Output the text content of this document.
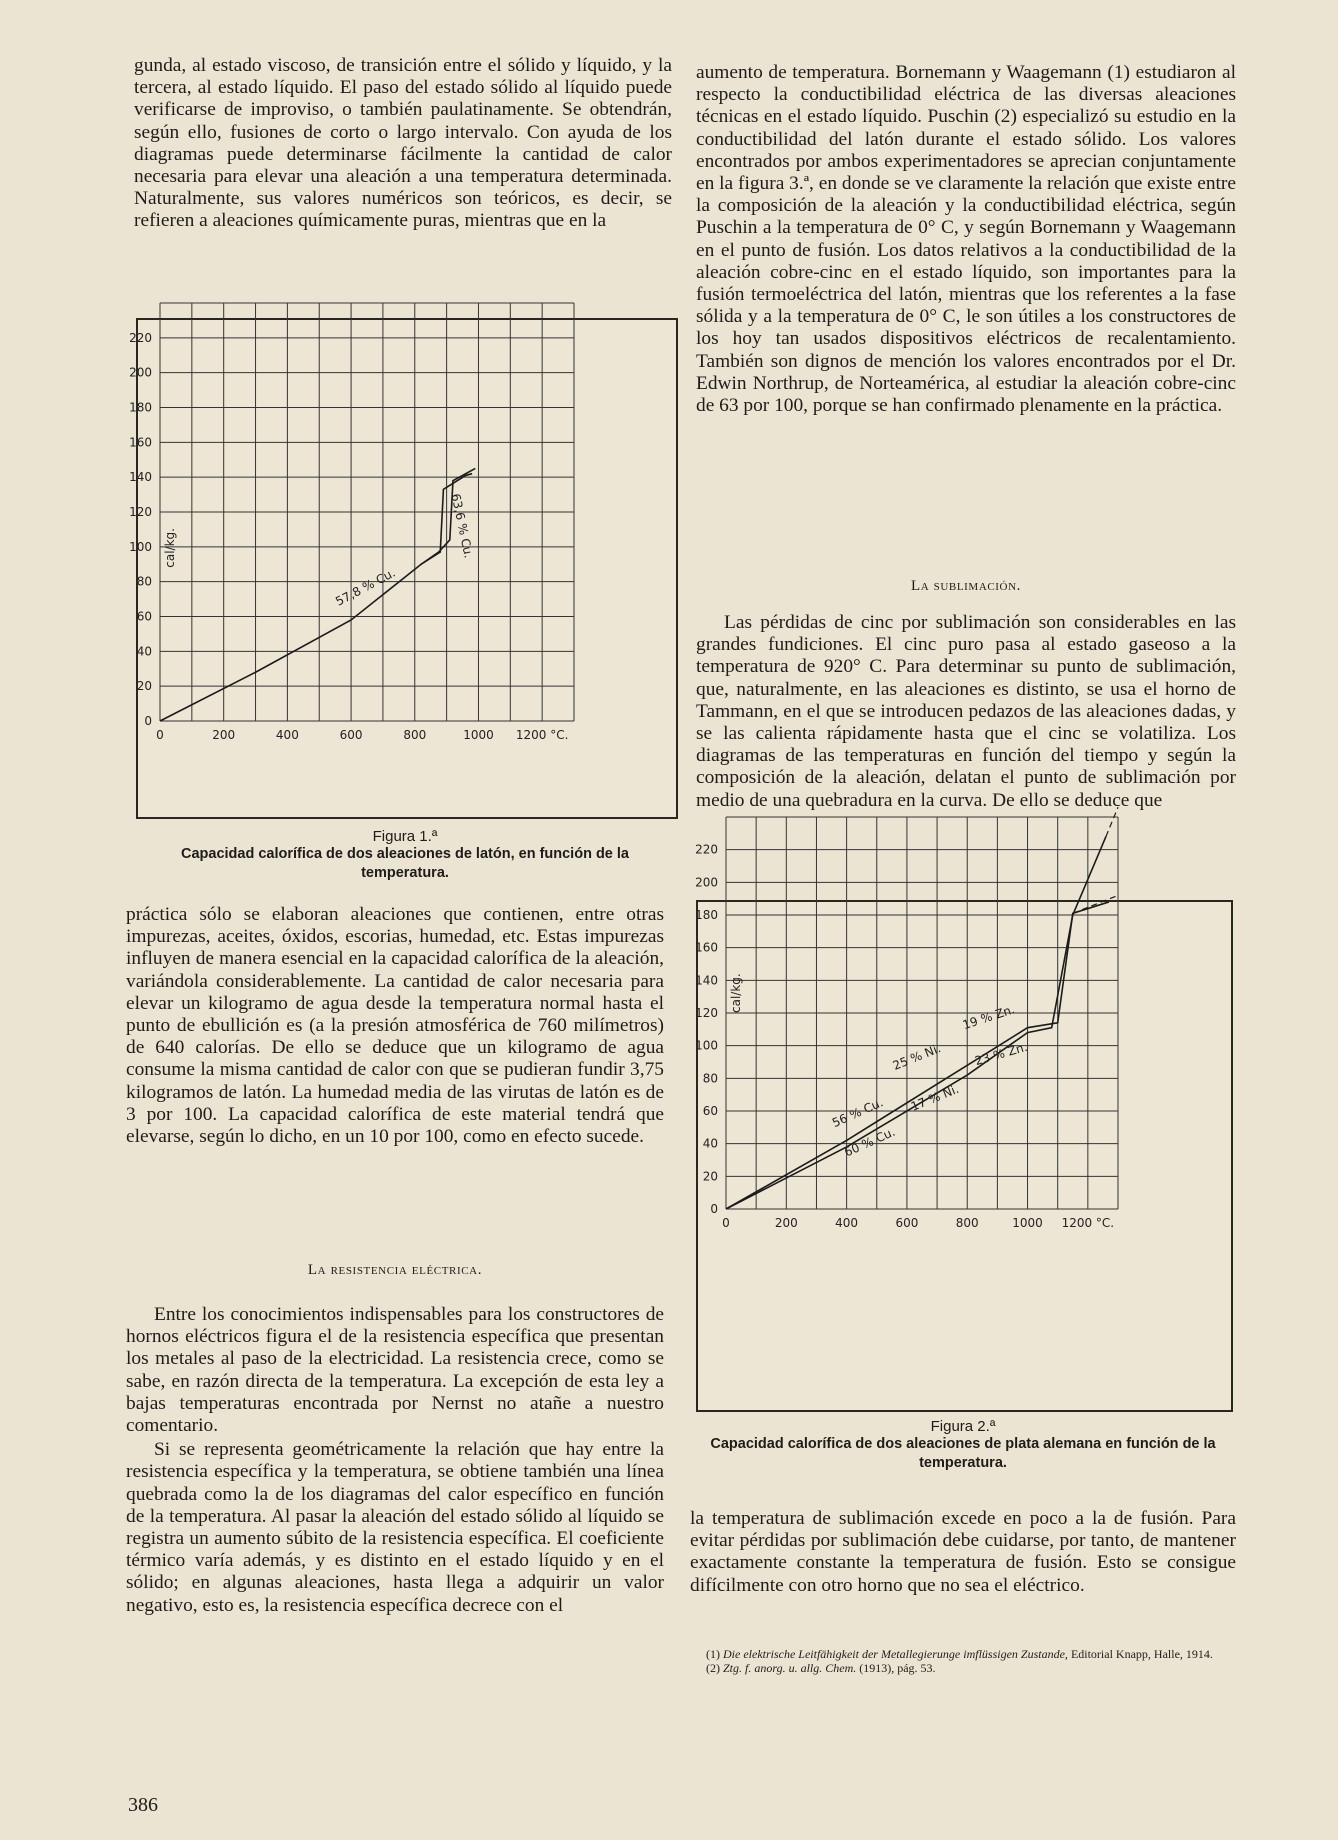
gunda, al estado viscoso, de transición entre el sólido y líquido, y la tercera, al estado líquido. El paso del estado sólido al líquido puede verificarse de improviso, o también paulatinamente. Se obtendrán, según ello, fusiones de corto o largo intervalo. Con ayuda de los diagramas puede determinarse fácilmente la cantidad de calor necesaria para elevar una aleación a una temperatura determinada. Naturalmente, sus valores numéricos son teóricos, es decir, se refieren a aleaciones químicamente puras, mientras que en la

0	200	400	600	800	1000 1200 °C.
0
20
40
60
80
100
120
140
160
180
200
220
cal/kg.
57,8 % Cu.
63,6 % Cu.
Figura 1.ª
Capacidad calorífica de dos aleaciones de latón, en función de la temperatura.

práctica sólo se elaboran aleaciones que contienen, entre otras impurezas, aceites, óxidos, escorias, humedad, etc. Estas impurezas influyen de manera esencial en la capacidad calorífica de la aleación, variándola considerablemente. La cantidad de calor necesaria para elevar un kilogramo de agua desde la temperatura normal hasta el punto de ebullición es (a la presión atmosférica de 760 milímetros) de 640 calorías. De ello se deduce que un kilogramo de agua consume la misma cantidad de calor con que se pudieran fundir 3,75 kilogramos de latón. La humedad media de las virutas de latón es de 3 por 100. La capacidad calorífica de este material tendrá que elevarse, según lo dicho, en un 10 por 100, como en efecto sucede.

La resistencia eléctrica.

Entre los conocimientos indispensables para los constructores de hornos eléctricos figura el de la resistencia específica que presentan los metales al paso de la electricidad. La resistencia crece, como se sabe, en razón directa de la temperatura. La excepción de esta ley a bajas temperaturas encontrada por Nernst no atañe a nuestro comentario.

Si se representa geométricamente la relación que hay entre la resistencia específica y la temperatura, se obtiene también una línea quebrada como la de los diagramas del calor específico en función de la temperatura. Al pasar la aleación del estado sólido al líquido se registra un aumento súbito de la resistencia específica. El coeficiente térmico varía además, y es distinto en el estado líquido y en el sólido; en algunas aleaciones, hasta llega a adquirir un valor negativo, esto es, la resistencia específica decrece con el

386

aumento de temperatura. Bornemann y Waagemann (1) estudiaron al respecto la conductibilidad eléctrica de las diversas aleaciones técnicas en el estado líquido. Puschin (2) especializó su estudio en la conductibilidad del latón durante el estado sólido. Los valores encontrados por ambos experimentadores se aprecian conjuntamente en la figura 3.ª, en donde se ve claramente la relación que existe entre la composición de la aleación y la conductibilidad eléctrica, según Puschin a la temperatura de 0° C, y según Bornemann y Waagemann en el punto de fusión. Los datos relativos a la conductibilidad de la aleación cobre-cinc en el estado líquido, son importantes para la fusión termoeléctrica del latón, mientras que los referentes a la fase sólida y a la temperatura de 0° C, le son útiles a los constructores de los hoy tan usados dispositivos eléctricos de recalentamiento. También son dignos de mención los valores encontrados por el Dr. Edwin Northrup, de Norteamérica, al estudiar la aleación cobre-cinc de 63 por 100, porque se han confirmado plenamente en la práctica.

La sublimación.

Las pérdidas de cinc por sublimación son considerables en las grandes fundiciones. El cinc puro pasa al estado gaseoso a la temperatura de 920° C. Para determinar su punto de sublimación, que, naturalmente, en las aleaciones es distinto, se usa el horno de Tammann, en el que se introducen pedazos de las aleaciones dadas, y se las calienta rápidamente hasta que el cinc se volatiliza. Los diagramas de las temperaturas en función del tiempo y según la composición de la aleación, delatan el punto de sublimación por medio de una quebradura en la curva. De ello se deduce que

0	200	400	600	800	1000 1200 °C.
0
20
40
60
80
100
120
140
160
180
200
220
cal/kg.
56 % Cu.
25 % Ni.
19 % Zn.
60 % Cu.
17 % Ni.
23 % Zn.
Figura 2.ª
Capacidad calorífica de dos aleaciones de plata alemana en función de la temperatura.

la temperatura de sublimación excede en poco a la de fusión. Para evitar pérdidas por sublimación debe cuidarse, por tanto, de mantener exactamente constante la temperatura de fusión. Esto se consigue difícilmente con otro horno que no sea el eléctrico.

(1) Die elektrische Leitfähigkeit der Metallegierunge imflüssigen Zustande, Editorial Knapp, Halle, 1914.
(2) Ztg. f. anorg. u. allg. Chem. (1913), pág. 53.
